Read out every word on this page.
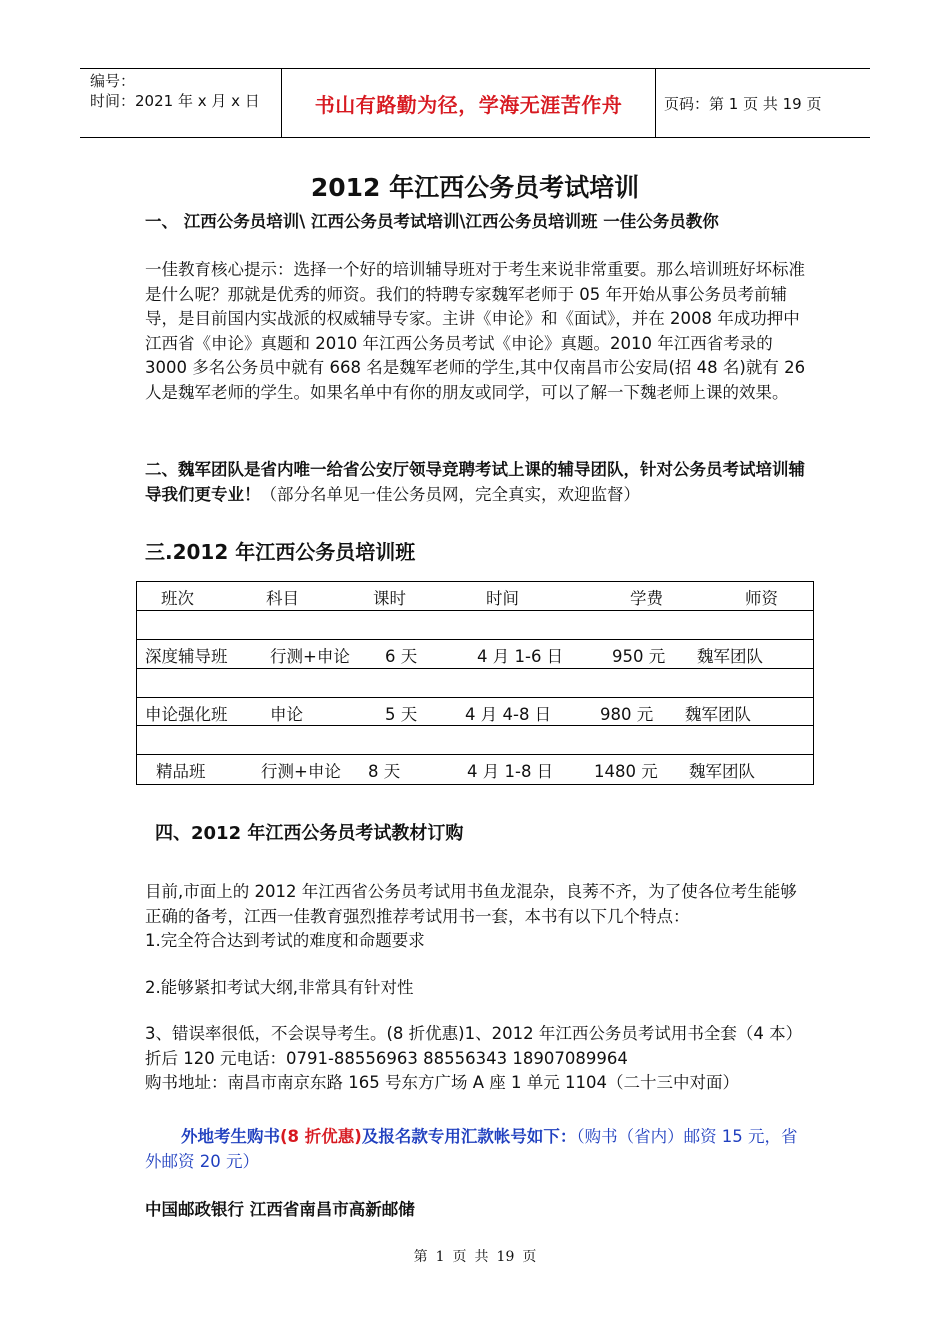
编号：
时间：2021 年 x 月 x 日	书山有路勤为径，学海无涯苦作舟	页码：第 1 页 共 19 页
2012 年江西公务员考试培训
一、 江西公务员培训\ 江西公务员考试培训\江西公务员培训班 一佳公务员教你
一佳教育核心提示：选择一个好的培训辅导班对于考生来说非常重要。那么培训班好坏标准是什么呢？那就是优秀的师资。我们的特聘专家魏军老师于 05 年开始从事公务员考前辅导，是目前国内实战派的权威辅导专家。主讲《申论》和《面试》，并在 2008 年成功押中江西省《申论》真题和 2010 年江西公务员考试《申论》真题。2010 年江西省考录的 3000 多名公务员中就有 668 名是魏军老师的学生,其中仅南昌市公安局(招 48 名)就有 26 人是魏军老师的学生。如果名单中有你的朋友或同学，可以了解一下魏老师上课的效果。
二、魏军团队是省内唯一给省公安厅领导竞聘考试上课的辅导团队，针对公务员考试培训辅导我们更专业！（部分名单见一佳公务员网，完全真实，欢迎监督）
三.2012 年江西公务员培训班
班次	科目	课时	时间	学费	师资
深度辅导班	行测+申论 6 天	4 月 1-6 日	950 元 魏军团队
申论强化班	申论	5 天	4 月 4-8 日	980 元 魏军团队
精品班	行测+申论 8 天	4 月 1-8 日 1480 元 魏军团队
四、2012 年江西公务员考试教材订购
目前,市面上的 2012 年江西省公务员考试用书鱼龙混杂，良莠不齐，为了使各位考生能够正确的备考，江西一佳教育强烈推荐考试用书一套，本书有以下几个特点：
1.完全符合达到考试的难度和命题要求
2.能够紧扣考试大纲,非常具有针对性
3、错误率很低，不会误导考生。(8 折优惠)1、2012 年江西公务员考试用书全套（4 本）折后 120 元电话：0791-88556963 88556343 18907089964
购书地址：南昌市南京东路 165 号东方广场 A 座 1 单元 1104（二十三中对面）
外地考生购书(8 折优惠)及报名款专用汇款帐号如下：（购书（省内）邮资 15 元，省外邮资 20 元）
中国邮政银行 江西省南昌市高新邮储
第 1 页 共 19 页
